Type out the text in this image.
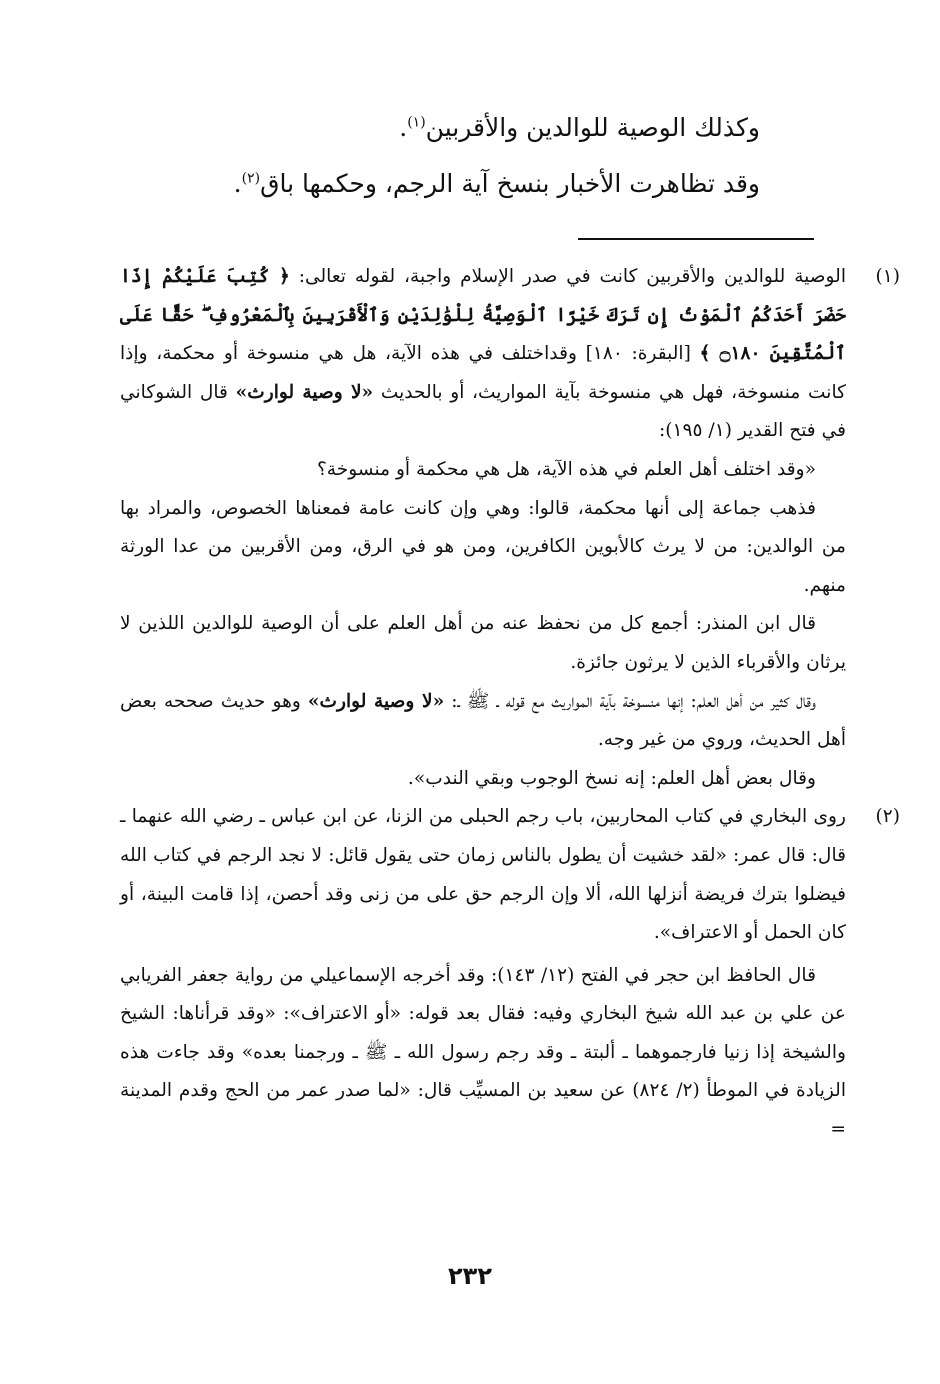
وكذلك الوصية للوالدين والأقربين$^{(١)}$.
وقد تظاهرت الأخبار بنسخ آية الرجم، وحكمها باق$^{(٢)}$.
(١)

الوصية للوالدين والأقربين كانت في صدر الإسلام واجبة، لقوله تعالى: ﴿ كُتِبَ عَلَيْكُمْ إِذَا حَضَرَ أَحَدَكُمُ ٱلْمَوْتُ إِن تَرَكَ خَيْرًا ٱلْوَصِيَّةُ لِلْوَٰلِدَيْنِ وَٱلْأَقْرَبِينَ بِٱلْمَعْرُوفِ ۖ حَقًّا عَلَى ٱلْمُتَّقِينَ ۝١٨٠ ﴾ [البقرة: ١٨٠] وقداختلف في هذه الآية، هل هي منسوخة أو محكمة، وإذا كانت منسوخة، فهل هي منسوخة بآية المواريث، أو بالحديث «لا وصية لوارث» قال الشوكاني في فتح القدير (١/ ١٩٥):

«وقد اختلف أهل العلم في هذه الآية، هل هي محكمة أو منسوخة؟

فذهب جماعة إلى أنها محكمة، قالوا: وهي وإن كانت عامة فمعناها الخصوص، والمراد بها من الوالدين: من لا يرث كالأبوين الكافرين، ومن هو في الرق، ومن الأقربين من عدا الورثة منهم.

قال ابن المنذر: أجمع كل من نحفظ عنه من أهل العلم على أن الوصية للوالدين اللذين لا يرثان والأقرباء الذين لا يرثون جائزة.

وقال كثير من أهل العلم: إنها منسوخة بآية المواريث مع قوله ـ ﷺ ـ: «لا وصية لوارث» وهو حديث صححه بعض أهل الحديث، وروي من غير وجه.

وقال بعض أهل العلم: إنه نسخ الوجوب وبقي الندب».

(٢)

روى البخاري في كتاب المحاربين، باب رجم الحبلى من الزنا، عن ابن عباس ـ رضي الله عنهما ـ قال: قال عمر: «لقد خشيت أن يطول بالناس زمان حتى يقول قائل: لا نجد الرجم في كتاب الله فيضلوا بترك فريضة أنزلها الله، ألا وإن الرجم حق على من زنى وقد أحصن، إذا قامت البينة، أو كان الحمل أو الاعتراف».

قال الحافظ ابن حجر في الفتح (١٢/ ١٤٣): وقد أخرجه الإسماعيلي من رواية جعفر الفريابي عن علي بن عبد الله شيخ البخاري وفيه: فقال بعد قوله: «أو الاعتراف»: «وقد قرأناها: الشيخ والشيخة إذا زنيا فارجموهما ـ ألبتة ـ وقد رجم رسول الله ـ ﷺ ـ ورجمنا بعده» وقد جاءت هذه الزيادة في الموطأ (٢/ ٨٢٤) عن سعيد بن المسيِّب قال: «لما صدر عمر من الحج وقدم المدينة =

٢٣٢
